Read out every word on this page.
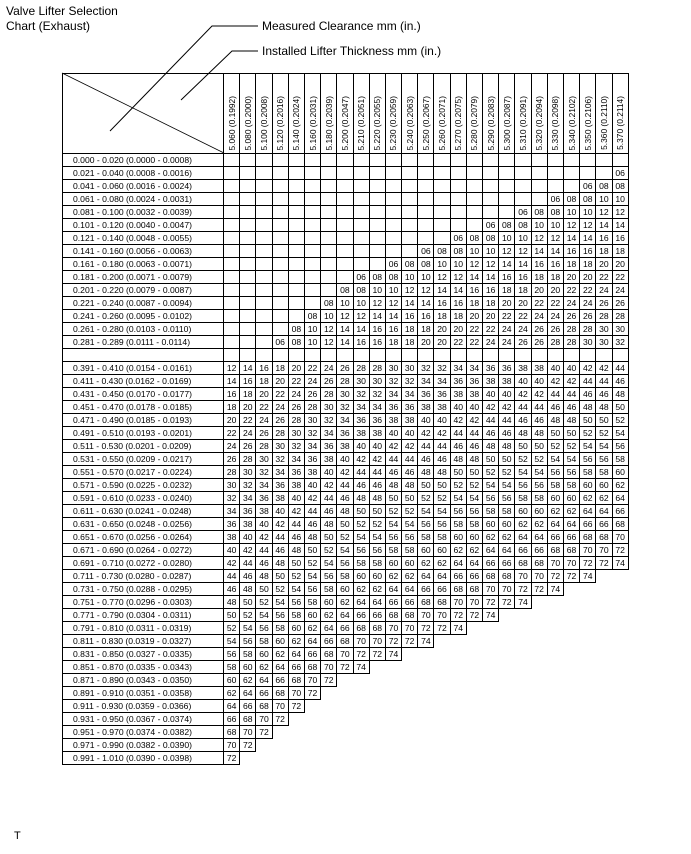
Valve Lifter Selection
Chart (Exhaust)	Measured Clearance mm (in.)
Installed Lifter Thickness mm (in.)
	5.060 (0.1992)	5.080 (0.2000)	5.100 (0.2008)	5.120 (0.2016)	5.140 (0.2024)	5.160 (0.2031)	5.180 (0.2039)	5.200 (0.2047)	5.210 (0.2051)	5.220 (0.2055)	5.230 (0.2059)	5.240 (0.2063)	5.250 (0.2067)	5.260 (0.2071)	5.270 (0.2075)	5.280 (0.2079)	5.290 (0.2083)	5.300 (0.2087)	5.310 (0.2091)	5.320 (0.2094)	5.330 (0.2098)	5.340 (0.2102)	5.350 (0.2106)	5.360 (0.2110)	5.370 (0.2114)
0.000 - 0.020 (0.0000 - 0.0008)																									
0.021 - 0.040 (0.0008 - 0.0016)																									06
0.041 - 0.060 (0.0016 - 0.0024)																							06	08	08
0.061 - 0.080 (0.0024 - 0.0031)																					06	08	08	10	10
0.081 - 0.100 (0.0032 - 0.0039)																			06	08	08	10	10	12	12
0.101 - 0.120 (0.0040 - 0.0047)																	06	08	08	10	10	12	12	14	14
0.121 - 0.140 (0.0048 - 0.0055)															06	08	08	10	10	12	12	14	14	16	16
0.141 - 0.160 (0.0056 - 0.0063)													06	08	08	10	10	12	12	14	14	16	16	18	18
0.161 - 0.180 (0.0063 - 0.0071)											06	08	08	10	10	12	12	14	14	16	16	18	18	20	20
0.181 - 0.200 (0.0071 - 0.0079)									06	08	08	10	10	12	12	14	14	16	16	18	18	20	20	22	22
0.201 - 0.220 (0.0079 - 0.0087)								08	08	10	10	12	12	14	14	16	16	18	18	20	20	22	22	24	24
0.221 - 0.240 (0.0087 - 0.0094)							08	10	10	12	12	14	14	16	16	18	18	20	20	22	22	24	24	26	26
0.241 - 0.260 (0.0095 - 0.0102)						08	10	12	12	14	14	16	16	18	18	20	20	22	22	24	24	26	26	28	28
0.261 - 0.280 (0.0103 - 0.0110)					08	10	12	14	14	16	16	18	18	20	20	22	22	24	24	26	26	28	28	30	30
0.281 - 0.289 (0.0111 - 0.0114)				06	08	10	12	14	16	16	18	18	20	20	22	22	24	24	26	26	28	28	30	30	32

0.391 - 0.410 (0.0154 - 0.0161)	12	14	16	18	20	22	24	26	28	28	30	30	32	32	34	34	36	36	38	38	40	40	42	42	44
0.411 - 0.430 (0.0162 - 0.0169)	14	16	18	20	22	24	26	28	30	30	32	32	34	34	36	36	38	38	40	40	42	42	44	44	46
0.431 - 0.450 (0.0170 - 0.0177)	16	18	20	22	24	26	28	30	32	32	34	34	36	36	38	38	40	40	42	42	44	44	46	46	48
0.451 - 0.470 (0.0178 - 0.0185)	18	20	22	24	26	28	30	32	34	34	36	36	38	38	40	40	42	42	44	44	46	46	48	48	50
0.471 - 0.490 (0.0185 - 0.0193)	20	22	24	26	28	30	32	34	36	36	38	38	40	40	42	42	44	44	46	46	48	48	50	50	52
0.491 - 0.510 (0.0193 - 0.0201)	22	24	26	28	30	32	34	36	38	38	40	40	42	42	44	44	46	46	48	48	50	50	52	52	54
0.511 - 0.530 (0.0201 - 0.0209)	24	26	28	30	32	34	36	38	40	40	42	42	44	44	46	46	48	48	50	50	52	52	54	54	56
0.531 - 0.550 (0.0209 - 0.0217)	26	28	30	32	34	36	38	40	42	42	44	44	46	46	48	48	50	50	52	52	54	54	56	56	58
0.551 - 0.570 (0.0217 - 0.0224)	28	30	32	34	36	38	40	42	44	44	46	46	48	48	50	50	52	52	54	54	56	56	58	58	60
0.571 - 0.590 (0.0225 - 0.0232)	30	32	34	36	38	40	42	44	46	46	48	48	50	50	52	52	54	54	56	56	58	58	60	60	62
0.591 - 0.610 (0.0233 - 0.0240)	32	34	36	38	40	42	44	46	48	48	50	50	52	52	54	54	56	56	58	58	60	60	62	62	64
0.611 - 0.630 (0.0241 - 0.0248)	34	36	38	40	42	44	46	48	50	50	52	52	54	54	56	56	58	58	60	60	62	62	64	64	66
0.631 - 0.650 (0.0248 - 0.0256)	36	38	40	42	44	46	48	50	52	52	54	54	56	56	58	58	60	60	62	62	64	64	66	66	68
0.651 - 0.670 (0.0256 - 0.0264)	38	40	42	44	46	48	50	52	54	54	56	56	58	58	60	60	62	62	64	64	66	66	68	68	70
0.671 - 0.690 (0.0264 - 0.0272)	40	42	44	46	48	50	52	54	56	56	58	58	60	60	62	62	64	64	66	66	68	68	70	70	72
0.691 - 0.710 (0.0272 - 0.0280)	42	44	46	48	50	52	54	56	58	58	60	60	62	62	64	64	66	66	68	68	70	70	72	72	74
0.711 - 0.730 (0.0280 - 0.0287)	44	46	48	50	52	54	56	58	60	60	62	62	64	64	66	66	68	68	70	70	72	72	74		
0.731 - 0.750 (0.0288 - 0.0295)	46	48	50	52	54	56	58	60	62	62	64	64	66	66	68	68	70	70	72	72	74				
0.751 - 0.770 (0.0296 - 0.0303)	48	50	52	54	56	58	60	62	64	64	66	66	68	68	70	70	72	72	74						
0.771 - 0.790 (0.0304 - 0.0311)	50	52	54	56	58	60	62	64	66	66	68	68	70	70	72	72	74								
0.791 - 0.810 (0.0311 - 0.0319)	52	54	56	58	60	62	64	66	68	68	70	70	72	72	74										
0.811 - 0.830 (0.0319 - 0.0327)	54	56	58	60	62	64	66	68	70	70	72	72	74												
0.831 - 0.850 (0.0327 - 0.0335)	56	58	60	62	64	66	68	70	72	72	74														
0.851 - 0.870 (0.0335 - 0.0343)	58	60	62	64	66	68	70	72	74																
0.871 - 0.890 (0.0343 - 0.0350)	60	62	64	66	68	70	72																		
0.891 - 0.910 (0.0351 - 0.0358)	62	64	66	68	70	72																			
0.911 - 0.930 (0.0359 - 0.0366)	64	66	68	70	72																				
0.931 - 0.950 (0.0367 - 0.0374)	66	68	70	72																					
0.951 - 0.970 (0.0374 - 0.0382)	68	70	72																						
0.971 - 0.990 (0.0382 - 0.0390)	70	72																							
0.991 - 1.010 (0.0390 - 0.0398)	72																								
T
